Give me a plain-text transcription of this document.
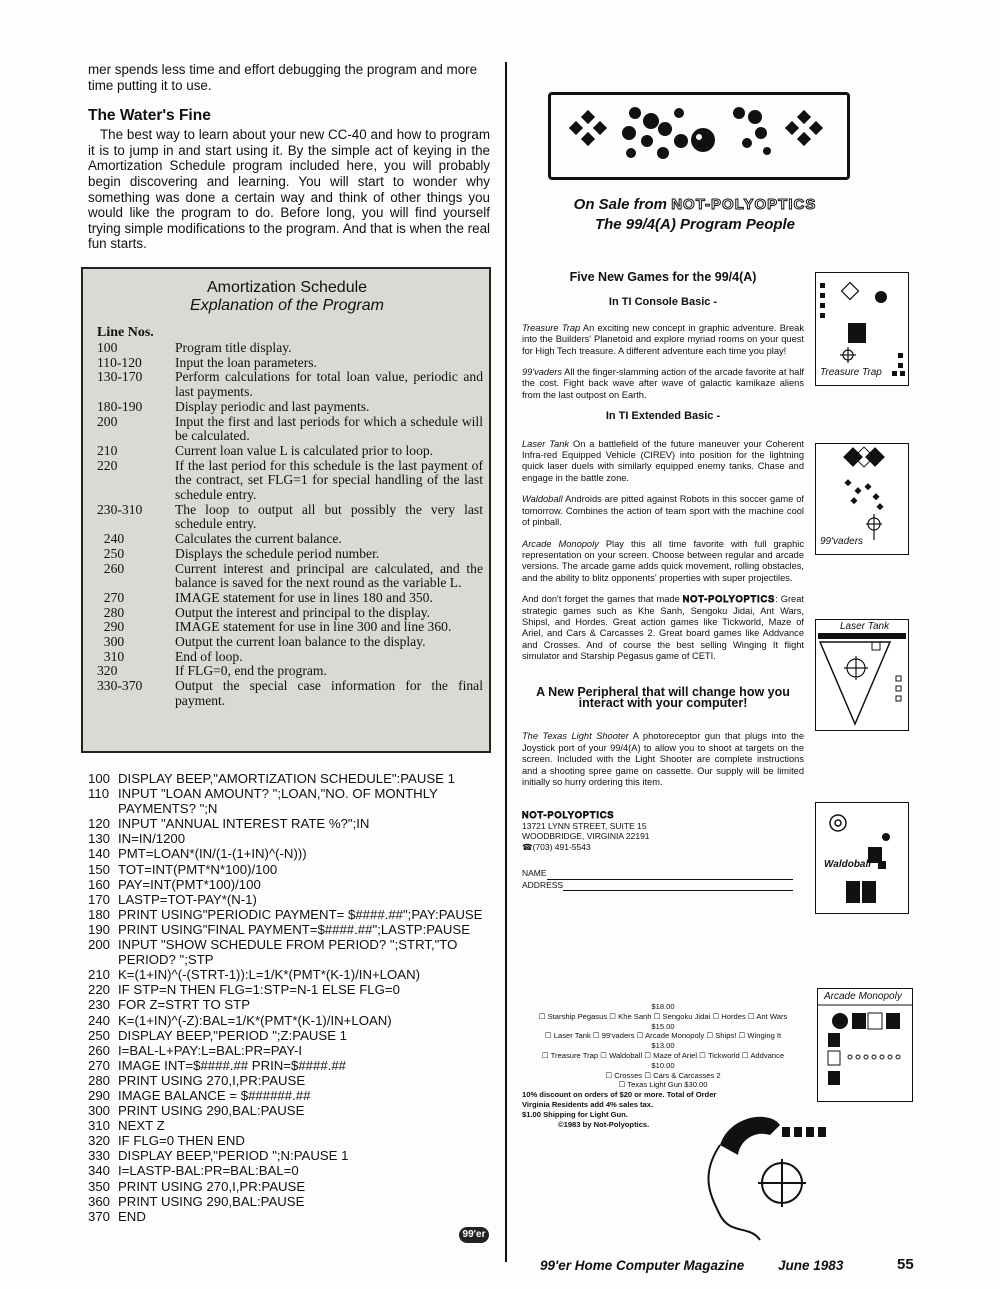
mer spends less time and effort debugging the program and more time putting it to use.

The Water's Fine

The best way to learn about your new CC-40 and how to program it is to jump in and start using it. By the simple act of keying in the Amortization Schedule program included here, you will probably begin discovering and learning. You will start to wonder why something was done a certain way and think of other things you would like the program to do. Before long, you will find yourself trying simple modifications to the program. And that is when the real fun starts.

Amortization Schedule
Explanation of the Program
Line Nos.
100	Program title display.
110-120	Input the loan parameters.
130-170	Perform calculations for total loan value, periodic and last payments.
180-190	Display periodic and last payments.
200	Input the first and last periods for which a schedule will be calculated.
210	Current loan value L is calculated prior to loop.
220	If the last period for this schedule is the last payment of the contract, set FLG=1 for special handling of the last schedule entry.
230-310	The loop to output all but possibly the very last schedule entry.
240	Calculates the current balance.
250	Displays the schedule period number.
260	Current interest and principal are calculated, and the balance is saved for the next round as the variable L.
270	IMAGE statement for use in lines 180 and 350.
280	Output the interest and principal to the display.
290	IMAGE statement for use in line 300 and line 360.
300	Output the current loan balance to the display.
310	End of loop.
320	If FLG=0, end the program.
330-370	Output the special case information for the final payment.
100 DISPLAY BEEP,"AMORTIZATION SCHEDULE":PAUSE 1
110 INPUT "LOAN AMOUNT? ";LOAN,"NO. OF MONTHLY PAYMENTS? ";N
120 INPUT "ANNUAL INTEREST RATE %?";IN
130 IN=IN/1200
140 PMT=LOAN*(IN/(1-(1+IN)^(-N)))
150 TOT=INT(PMT*N*100)/100
160 PAY=INT(PMT*100)/100
170 LASTP=TOT-PAY*(N-1)
180 PRINT USING"PERIODIC PAYMENT= $####.##";PAY:PAUSE
190 PRINT USING"FINAL PAYMENT=$####.##";LASTP:PAUSE
200 INPUT "SHOW SCHEDULE FROM PERIOD? ";STRT,"TO PERIOD? ";STP
210 K=(1+IN)^(-(STRT-1)):L=1/K*(PMT*(K-1)/IN+LOAN)
220 IF STP=N THEN FLG=1:STP=N-1 ELSE FLG=0
230 FOR Z=STRT TO STP
240 K=(1+IN)^(-Z):BAL=1/K*(PMT*(K-1)/IN+LOAN)
250 DISPLAY BEEP,"PERIOD ";Z:PAUSE 1
260 I=BAL-L+PAY:L=BAL:PR=PAY-I
270 IMAGE INT=$####.## PRIN=$####.##
280 PRINT USING 270,I,PR:PAUSE
290 IMAGE BALANCE = $######.##
300 PRINT USING 290,BAL:PAUSE
310 NEXT Z
320 IF FLG=0 THEN END
330 DISPLAY BEEP,"PERIOD ";N:PAUSE 1
340 I=LASTP-BAL:PR=BAL:BAL=0
350 PRINT USING 270,I,PR:PAUSE
360 PRINT USING 290,BAL:PAUSE
370 END
99'er
On Sale from NOT-POLYOPTICS
The 99/4(A) Program People
Five New Games for the 99/4(A)
In TI Console Basic -

Treasure Trap An exciting new concept in graphic adventure. Break into the Builders' Planetoid and explore myriad rooms on your quest for High Tech treasure. A different adventure each time you play!

99'vaders All the finger-slamming action of the arcade favorite at half the cost. Fight back wave after wave of galactic kamikaze aliens from the last outpost on Earth.

In TI Extended Basic -

Laser Tank On a battlefield of the future maneuver your Coherent Infra-red Equipped Vehicle (CIREV) into position for the lightning quick laser duels with similarly equipped enemy tanks. Chase and engage in the battle zone.

Waldoball Androids are pitted against Robots in this soccer game of tomorrow. Combines the action of team sport with the machine cool of pinball.

Arcade Monopoly Play this all time favorite with full graphic representation on your screen. Choose between regular and arcade versions. The arcade game adds quick movement, rolling obstacles, and the ability to blitz opponents' properties with super projectiles.

And don't forget the games that made NOT-POLYOPTICS: Great strategic games such as Khe Sanh, Sengoku Jidai, Ant Wars, Shipsl, and Hordes. Great action games like Tickworld, Maze of Ariel, and Cars & Carcasses 2. Great board games like Addvance and Crosses. And of course the best selling Winging It flight simulator and Starship Pegasus game of CETI.

A New Peripheral that will change how you interact with your computer!

The Texas Light Shooter A photoreceptor gun that plugs into the Joystick port of your 99/4(A) to allow you to shoot at targets on the screen. Included with the Light Shooter are complete instructions and a shooting spree game on cassette. Our supply will be limited initially so hurry ordering this item.

NOT-POLYOPTICS
13721 LYNN STREET, SUITE 15
WOODBRIDGE, VIRGINIA 22191
☎(703) 491-5543
NAME
ADDRESS
$18.00
☐ Starship Pegasus ☐ Khe Sanh ☐ Sengoku Jidai ☐ Hordes ☐ Ant Wars
$15.00
☐ Laser Tank ☐ 99'vaders ☐ Arcade Monopoly ☐ Ships! ☐ Winging It
$13.00
☐ Treasure Trap ☐ Waldoball ☐ Maze of Ariel ☐ Tickworld ☐ Addvance
$10.00
☐ Crosses ☐ Cars & Carcasses 2
☐ Texas Light Gun $30.00
10% discount on orders of $20 or more. Total of Order
Virginia Residents add 4% sales tax.
$1.00 Shipping for Light Gun.
©1983 by Not-Polyoptics.
Treasure Trap
99'vaders
Laser Tank
Waldoball
Arcade Monopoly
99'er Home Computer Magazine	June 1983	55
